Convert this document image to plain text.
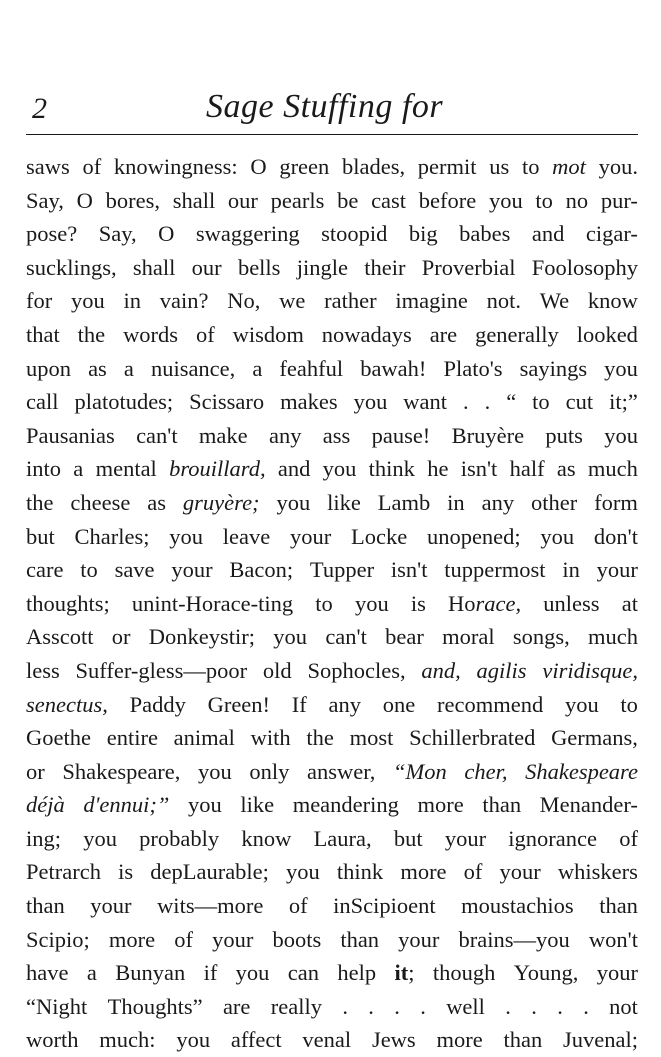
2	Sage Stuffing for
saws of knowingness: O green blades, permit us to mot you.
Say, O bores, shall our pearls be cast before you to no pur-
pose? Say, O swaggering stoopid big babes and cigar-
sucklings, shall our bells jingle their Proverbial Foolosophy
for you in vain? No, we rather imagine not. We know
that the words of wisdom nowadays are generally looked
upon as a nuisance, a feahful bawah! Plato's sayings you
call platotudes; Scissaro makes you want . . “ to cut it;”
Pausanias can't make any ass pause! Bruyère puts you
into a mental brouillard, and you think he isn't half as much
the cheese as gruyère; you like Lamb in any other form
but Charles; you leave your Locke unopened; you don't
care to save your Bacon; Tupper isn't tuppermost in your
thoughts; unint-Horace-ting to you is Horace, unless at
Asscott or Donkeystir; you can't bear moral songs, much
less Suffer-gless—poor old Sophocles, and, agilis viridisque,
senectus, Paddy Green! If any one recommend you to
Goethe entire animal with the most Schillerbrated Germans,
or Shakespeare, you only answer, “Mon cher, Shakespeare
déjà d'ennui;” you like meandering more than Menander-
ing; you probably know Laura, but your ignorance of
Petrarch is depLaurable; you think more of your whiskers
than your wits—more of inScipioent moustachios than
Scipio; more of your boots than your brains—you won't
have a Bunyan if you can help it; though Young, your
“Night Thoughts” are really . . . . well . . . . not
worth much: you affect venal Jews more than Juvenal;
